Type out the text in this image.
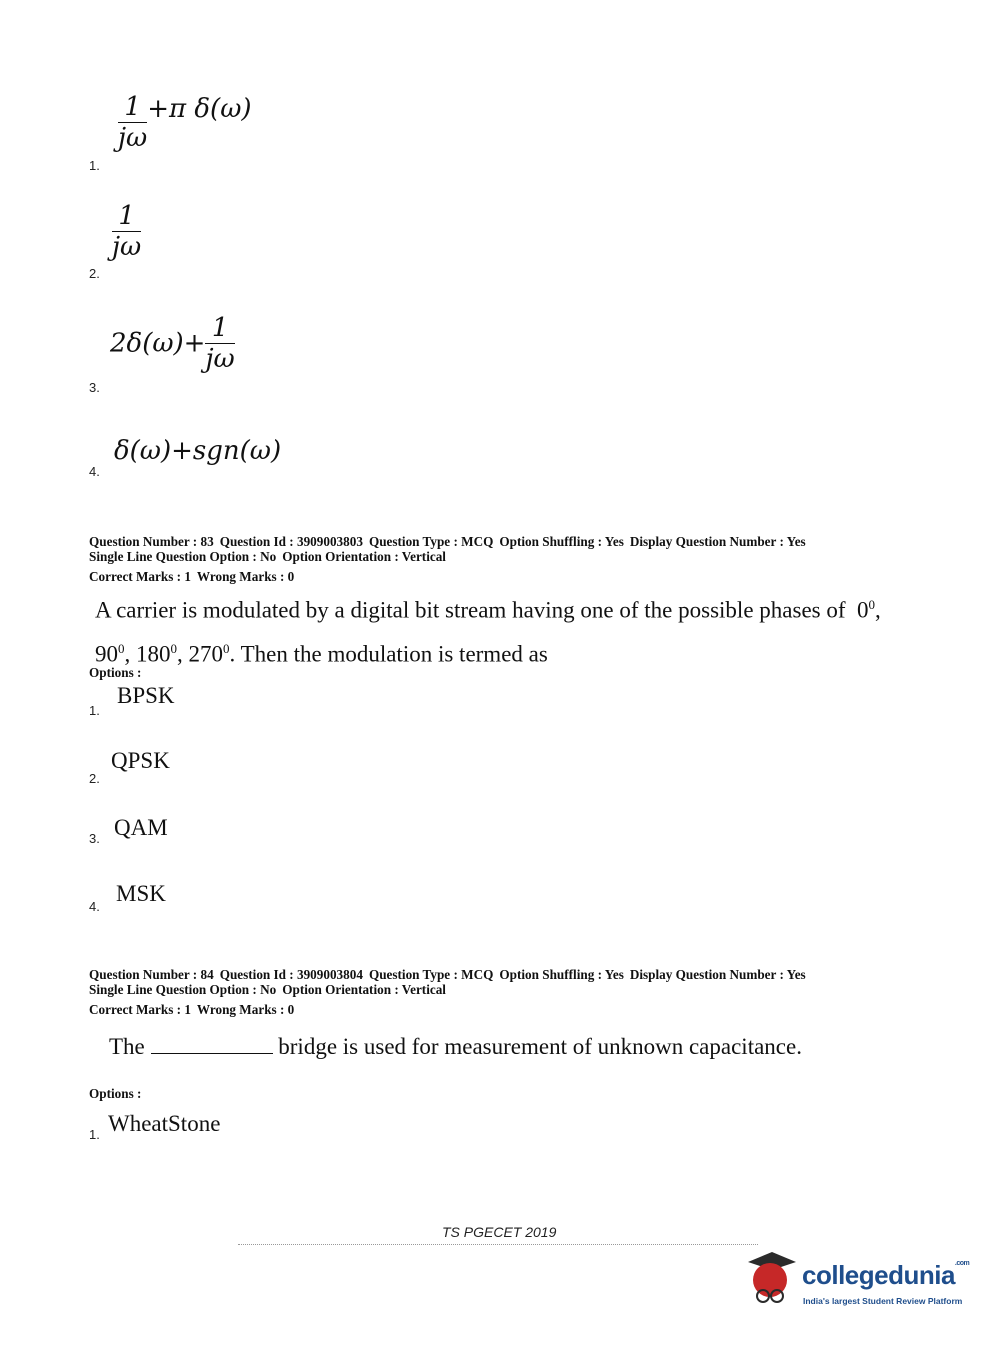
$\frac{1}{j\omega} +\pi$ δ(ω)
1.
$\frac{1}{j\omega}$
2.
$2\delta(\omega)+ \frac{1}{j\omega}$
3.
δ(ω)+sgn(ω)
4.
Question Number : 83 Question Id : 3909003803 Question Type : MCQ Option Shuffling : Yes Display Question Number : Yes
Single Line Question Option : No Option Orientation : Vertical
Correct Marks : 1 Wrong Marks : 0
A carrier is modulated by a digital bit stream having one of the possible phases of $0^0$,
$90^0$, $180^0$, $270^0$. Then the modulation is termed as
Options :
BPSK
1.
QPSK
2.
QAM
3.
MSK
4.
Question Number : 84 Question Id : 3909003804 Question Type : MCQ Option Shuffling : Yes Display Question Number : Yes
Single Line Question Option : No Option Orientation : Vertical
Correct Marks : 1 Wrong Marks : 0
The	bridge is used for measurement of unknown capacitance.
Options :
WheatStone
1.
TS PGECET 2019
collegedunia$^{.com}$
India's largest Student Review Platform
